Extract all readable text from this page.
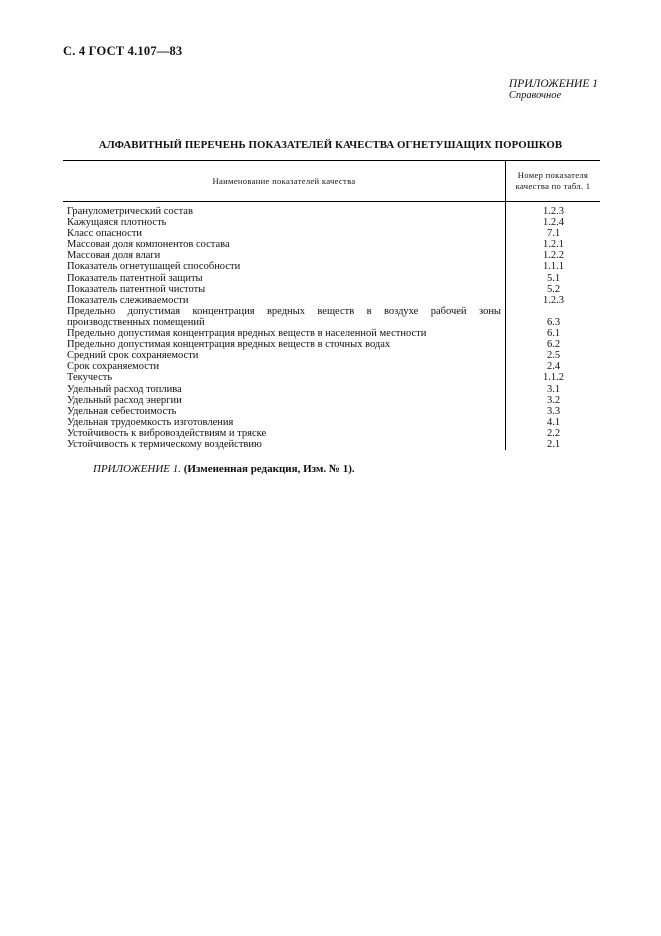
С. 4 ГОСТ 4.107—83
ПРИЛОЖЕНИЕ 1
Справочное
АЛФАВИТНЫЙ ПЕРЕЧЕНЬ ПОКАЗАТЕЛЕЙ КАЧЕСТВА ОГНЕТУШАЩИХ ПОРОШКОВ
Наименование показателей качества
Номер показателя
качества по табл. 1
Гранулометрический состав	1.2.3
Кажущаяся плотность	1.2.4
Класс опасности	7.1
Массовая доля компонентов состава	1.2.1
Массовая доля влаги	1.2.2
Показатель огнетушащей способности	1.1.1
Показатель патентной защиты	5.1
Показатель патентной чистоты	5.2
Показатель слеживаемости	1.2.3
Предельно допустимая концентрация вредных веществ в воздухе рабочей зоны производственных помещений	6.3
Предельно допустимая концентрация вредных веществ в населенной местности	6.1
Предельно допустимая концентрация вредных веществ в сточных водах	6.2
Средний срок сохраняемости	2.5
Срок сохраняемости	2.4
Текучесть	1.1.2
Удельный расход топлива	3.1
Удельный расход энергии	3.2
Удельная себестоимость	3.3
Удельная трудоемкость изготовления	4.1
Устойчивость к вибровоздействиям и тряске	2.2
Устойчивость к термическому воздействию	2.1
ПРИЛОЖЕНИЕ 1. (Измененная редакция, Изм. № 1).
